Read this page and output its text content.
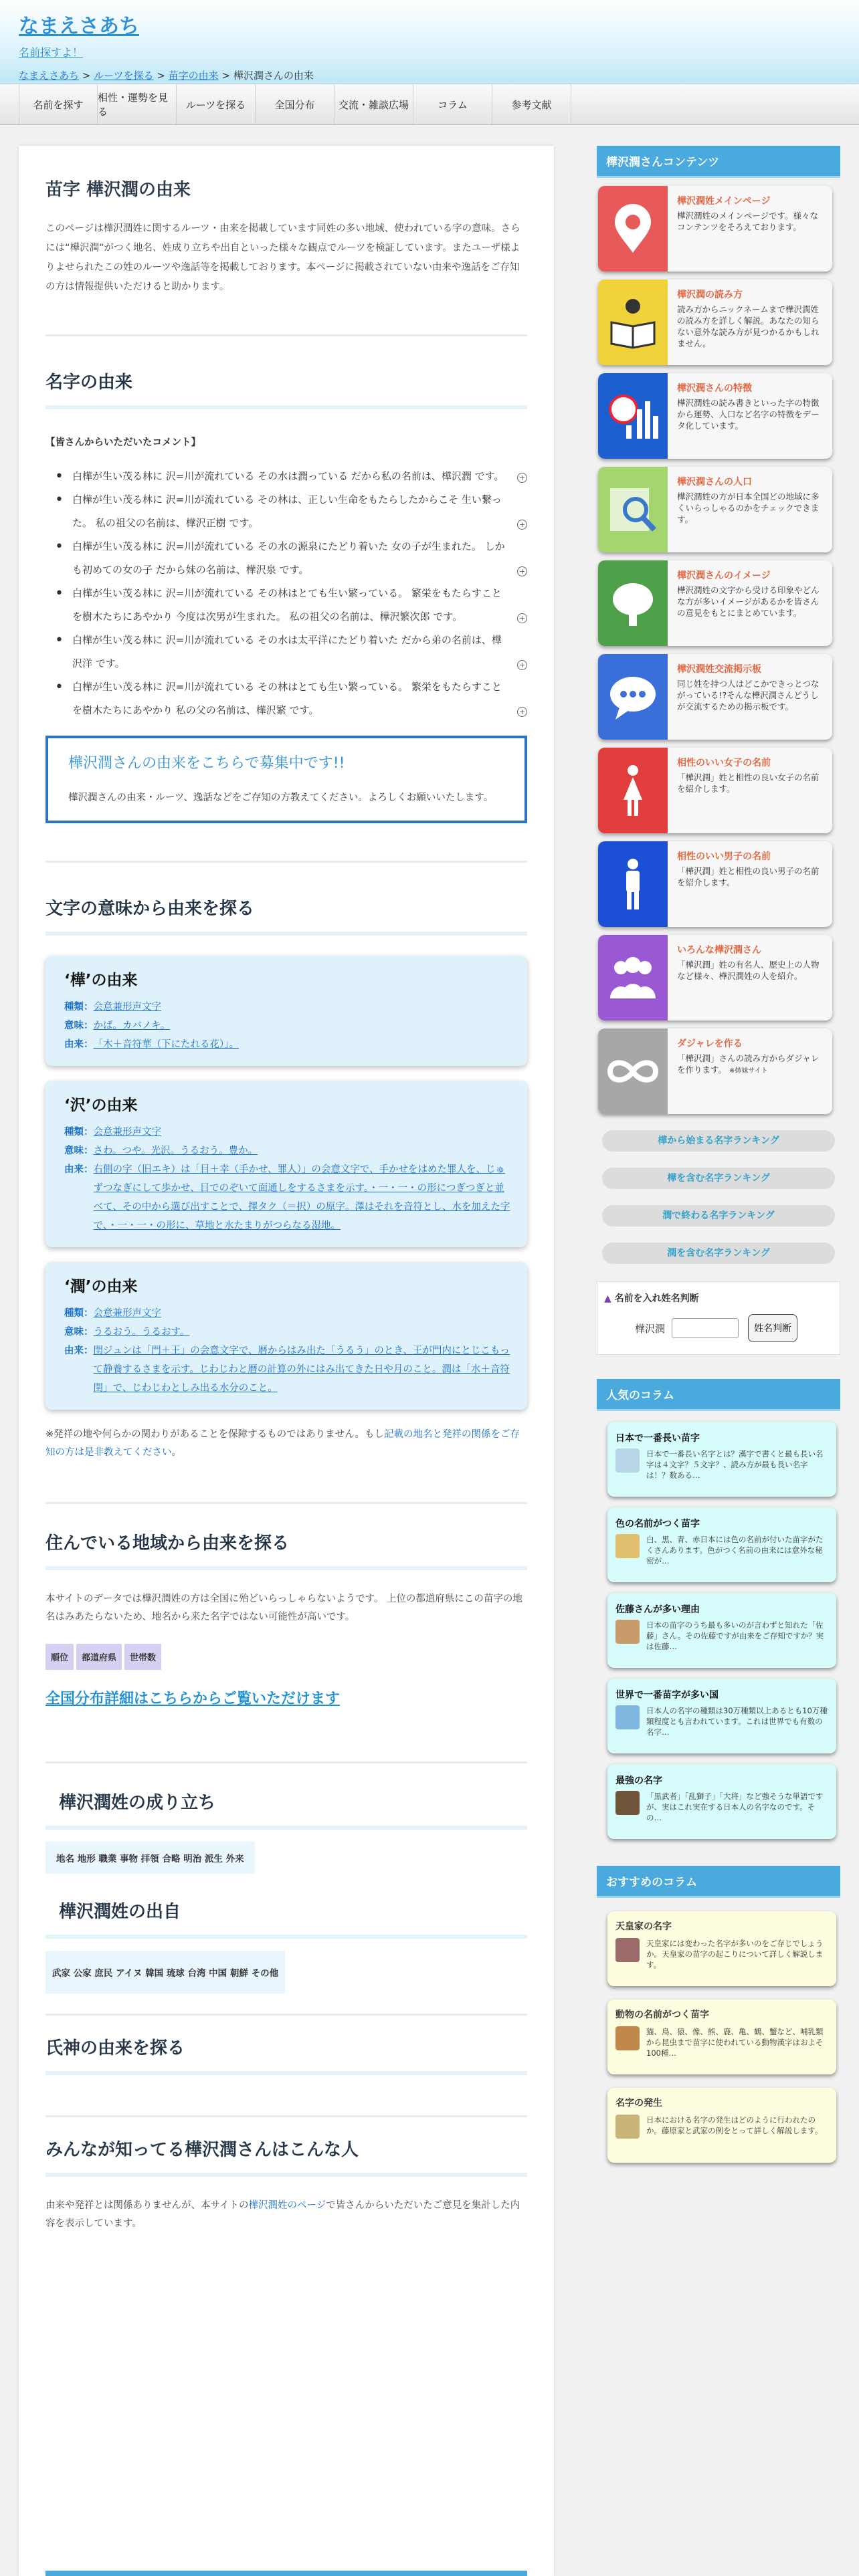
なまえさあち
名前探すよ！
なまえさあち > ルーツを探る > 苗字の由来 > 樺沢潤さんの由来
名前を探す
相性・運勢を見る
ルーツを探る	全国分布	交流・雑談広場	コラム	参考文献
苗字 樺沢潤の由来

このページは樺沢潤姓に関するルーツ・由来を掲載しています同姓の多い地域、使われている字の意味。さらには“樺沢潤”がつく地名、姓成り立ちや出自といった様々な観点でルーツを検証しています。またユーザ様よりよせられたこの姓のルーツや逸話等を掲載しております。本ページに掲載されていない由来や逸話をご存知の方は情報提供いただけると助かります。

名字の由来
【皆さんからいただいたコメント】
• 白樺が生い茂る林に 沢=川が流れている その水は潤っている だから私の名前は、樺沢潤 です。 +
• 白樺が生い茂る林に 沢=川が流れている その林は、正しい生命をもたらしたからこそ 生い繋った。 私の祖父の名前は、樺沢正樹 です。	+
• 白樺が生い茂る林に 沢=川が流れている その水の源泉にたどり着いた 女の子が生まれた。 しかも初めての女の子 だから妹の名前は、樺沢泉 です。	+
• 白樺が生い茂る林に 沢=川が流れている その林はとても生い繁っている。 繁栄をもたらすことを樹木たちにあやかり 今度は次男が生まれた。 私の祖父の名前は、樺沢繁次郎 です。	+
• 白樺が生い茂る林に 沢=川が流れている その水は太平洋にたどり着いた だから弟の名前は、樺沢洋 です。	+
• 白樺が生い茂る林に 沢=川が流れている その林はとても生い繁っている。 繁栄をもたらすことを樹木たちにあやかり 私の父の名前は、樺沢繁 です。	+
樺沢潤さんの由来をこちらで募集中です!!

樺沢潤さんの由来・ルーツ、逸話などをご存知の方教えてください。よろしくお願いいたします。

文字の意味から由来を探る
‘樺’の由来
種類： 会意兼形声文字
意味： かば。カバノキ。
由来： 「木＋音符華（下にたれる花）」。
‘沢’の由来
種類： 会意兼形声文字
意味： さわ。つや。光沢。うるおう。豊か。
由来： 右側の字（旧エキ）は「目＋幸（手かせ、罪人）」の会意文字で、手かせをはめた罪人を、じゅずつなぎにして歩かせ、目でのぞいて面通しをするさまを示す。・一・一・の形につぎつぎと並べて、その中から選び出すことで、擇タク（＝択）の原字。澤はそれを音符とし、水を加えた字で、・一・一・の形に、草地と水たまりがつらなる湿地。
‘潤’の由来
種類： 会意兼形声文字
意味： うるおう。うるおす。
由来： 閏ジュンは「門＋王」の会意文字で、暦からはみ出た「うるう」のとき、王が門内にとじこもって静養するさまを示す。じわじわと暦の計算の外にはみ出てきた日や月のこと。潤は「水＋音符閏」で、じわじわとしみ出る水分のこと。

※発祥の地や何らかの関わりがあることを保障するものではありません。もし記載の地名と発祥の関係をご存知の方は是非教えてください。

住んでいる地域から由来を探る

本サイトのデータでは樺沢潤姓の方は全国に殆どいらっしゃらないようです。 上位の都道府県にこの苗字の地名はみあたらないため、地名から来た名字ではない可能性が高いです。

順位	都道府県	世帯数
全国分布詳細はこちらからご覧いただけます
樺沢潤姓の成り立ち
地名 地形 職業 事物 拝領 合略 明治 派生 外来
樺沢潤姓の出自
武家 公家 庶民 アイヌ 韓国 琉球 台湾 中国 朝鮮 その他
氏神の由来を探る
みんなが知ってる樺沢潤さんはこんな人

由来や発祥とは関係ありませんが、本サイトの樺沢潤姓のページで皆さんからいただいたご意見を集計した内容を表示しています。

樺沢潤さんコンテンツ
樺沢潤姓メインページ
樺沢潤姓のメインページです。様々なコンテンツをそろえております。
樺沢潤の読み方
読み方からニックネームまで樺沢潤姓の読み方を詳しく解説。あなたの知らない意外な読み方が見つかるかもしれません。
樺沢潤さんの特徴
樺沢潤姓の読み書きといった字の特徴から運勢、人口など名字の特徴をデータ化しています。
樺沢潤さんの人口
樺沢潤姓の方が日本全国どの地域に多くいらっしゃるのかをチェックできます。
樺沢潤さんのイメージ
樺沢潤姓の文字から受ける印象やどんな方が多いイメージがあるかを皆さんの意見をもとにまとめています。
樺沢潤姓交流掲示板
同じ姓を持つ人はどこかできっとつながっている!?そんな樺沢潤さんどうしが交流するための掲示板です。
相性のいい女子の名前
「樺沢潤」姓と相性の良い女子の名前を紹介します。
相性のいい男子の名前
「樺沢潤」姓と相性の良い男子の名前を紹介します。
いろんな樺沢潤さん
「樺沢潤」姓の有名人、歴史上の人物など様々、樺沢潤姓の人を紹介。
ダジャレを作る
「樺沢潤」さんの読み方からダジャレを作ります。 ※姉妹サイト
樺から始まる名字ランキング
樺を含む名字ランキング
潤で終わる名字ランキング
潤を含む名字ランキング
▲ 名前を入れ姓名判断
樺沢潤	姓名判断
人気のコラム
日本で一番長い苗字
日本で一番長い名字とは？漢字で書くと最も長い名字は４文字？５文字？、読み方が最も長い名字は！？数ある…
色の名前がつく苗字
白、黒、青、赤日本には色の名前が付いた苗字がたくさんあります。色がつく名前の由来には意外な秘密が…
佐藤さんが多い理由
日本の苗字のうち最も多いのが言わずと知れた「佐藤」さん。その佐藤ですが由来をご存知ですか？実は佐藤…
世界で一番苗字が多い国
日本人の名字の種類は30万種類以上あるとも10万種類程度とも言われています。これは世界でも有数の名字…
最強の名字
「黒武者」「乱獅子」「大将」など強そうな単語ですが、実はこれ実在する日本人の名字なのです。その…
おすすめのコラム
天皇家の名字
天皇家には変わった名字が多いのをご存じでしょうか。天皇家の苗字の起こりについて詳しく解説します。
動物の名前がつく苗字
猫、鳥、猿、像、熊、鹿、亀、鶴、蟹など、哺乳類から昆虫まで苗字に使われている動物漢字はおよそ100種…
名字の発生
日本における名字の発生はどのように行われたのか。藤原家と武家の例をとって詳しく解説します。
